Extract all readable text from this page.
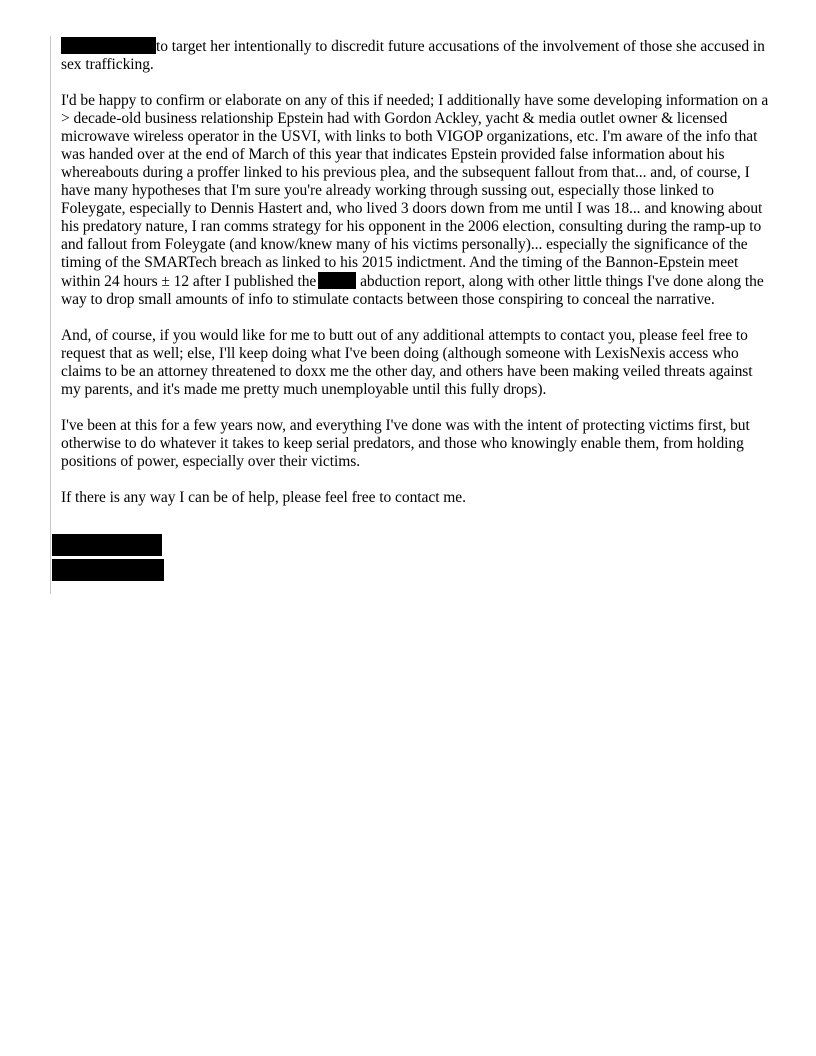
to target her intentionally to discredit future accusations of the involvement of those she accused in sex trafficking.

I'd be happy to confirm or elaborate on any of this if needed; I additionally have some developing information on a > decade-old business relationship Epstein had with Gordon Ackley, yacht & media outlet owner & licensed microwave wireless operator in the USVI, with links to both VIGOP organizations, etc. I'm aware of the info that was handed over at the end of March of this year that indicates Epstein provided false information about his whereabouts during a proffer linked to his previous plea, and the subsequent fallout from that... and, of course, I have many hypotheses that I'm sure you're already working through sussing out, especially those linked to Foleygate, especially to Dennis Hastert and, who lived 3 doors down from me until I was 18... and knowing about his predatory nature, I ran comms strategy for his opponent in the 2006 election, consulting during the ramp-up to and fallout from Foleygate (and know/knew many of his victims personally)... especially the significance of the timing of the SMARTech breach as linked to his 2015 indictment. And the timing of the Bannon-Epstein meet within 24 hours ± 12 after I published the	abduction report, along with other little things I've done along the way to drop small amounts of info to stimulate contacts between those conspiring to conceal the narrative.

And, of course, if you would like for me to butt out of any additional attempts to contact you, please feel free to request that as well; else, I'll keep doing what I've been doing (although someone with LexisNexis access who claims to be an attorney threatened to doxx me the other day, and others have been making veiled threats against my parents, and it's made me pretty much unemployable until this fully drops).

I've been at this for a few years now, and everything I've done was with the intent of protecting victims first, but otherwise to do whatever it takes to keep serial predators, and those who knowingly enable them, from holding positions of power, especially over their victims.

If there is any way I can be of help, please feel free to contact me.
